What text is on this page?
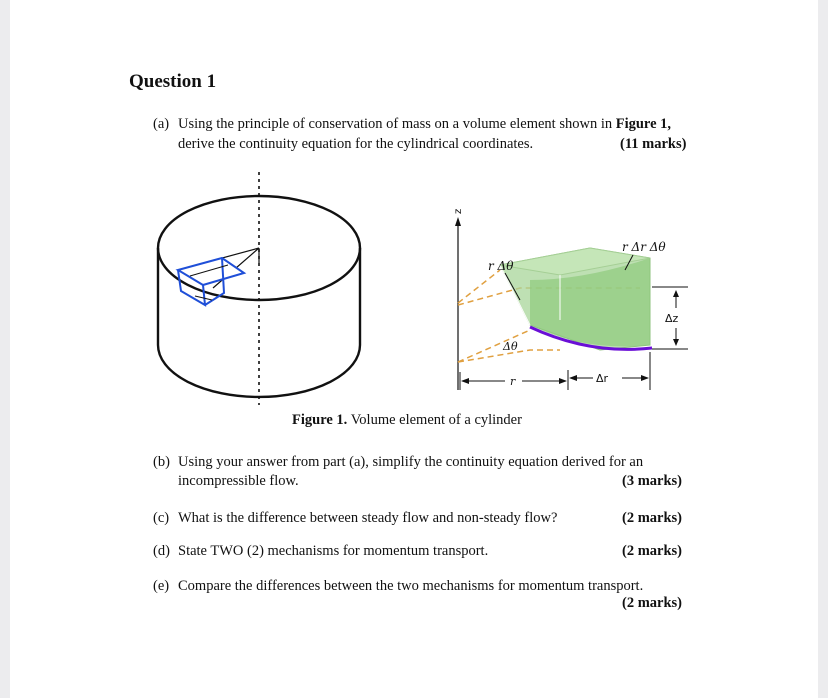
Question 1
(a) Using the principle of conservation of mass on a volume element shown in Figure 1,
derive the continuity equation for the cylindrical coordinates.	(11 marks)
z
r Δθ
r Δr Δθ
Δz
Δθ
r	Δr
Figure 1. Volume element of a cylinder
(b) Using your answer from part (a), simplify the continuity equation derived for an
incompressible flow.	(3 marks)
(c) What is the difference between steady flow and non-steady flow?	(2 marks)
(d) State TWO (2) mechanisms for momentum transport.	(2 marks)
(e) Compare the differences between the two mechanisms for momentum transport.
(2 marks)
